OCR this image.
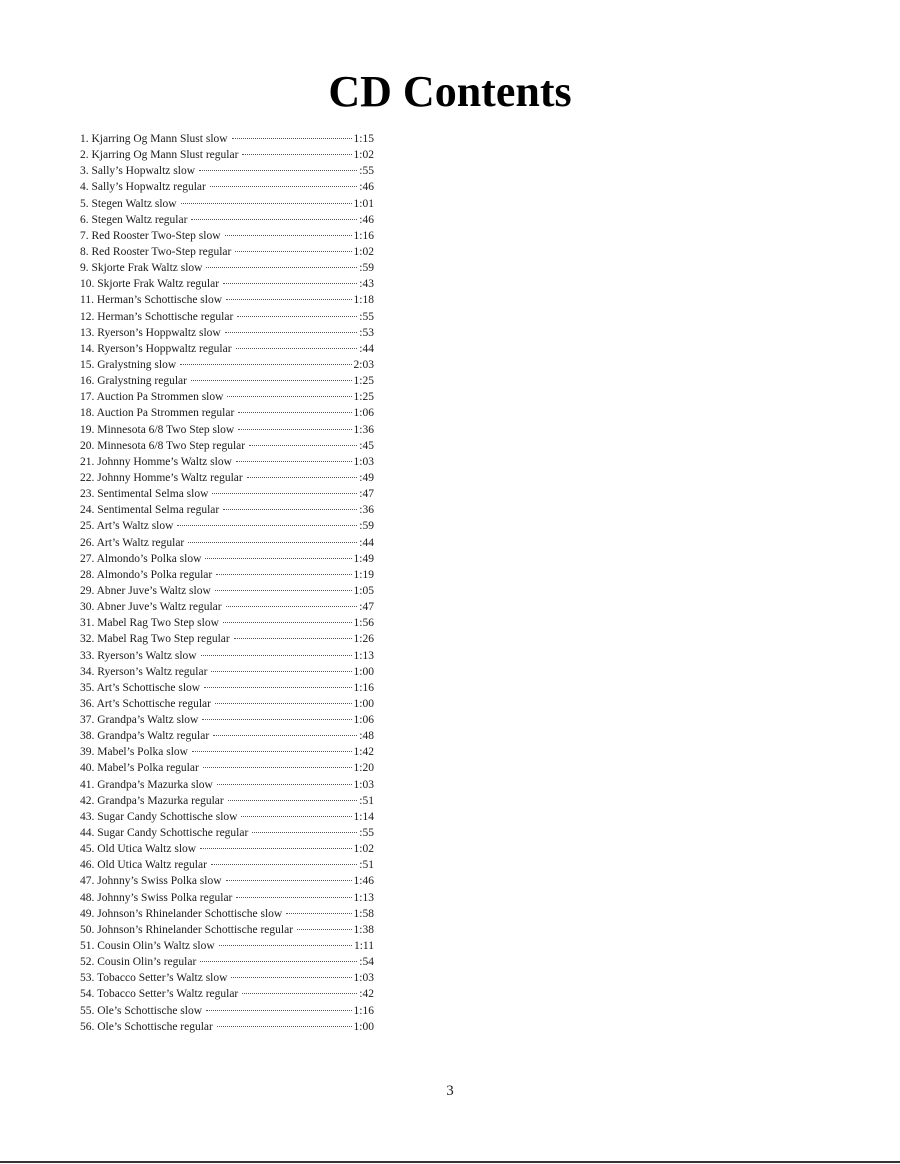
CD Contents
1. Kjarring Og Mann Slust slow	1:15
2. Kjarring Og Mann Slust regular	1:02
3. Sally’s Hopwaltz slow	:55
4. Sally’s Hopwaltz regular	:46
5. Stegen Waltz slow	1:01
6. Stegen Waltz regular	:46
7. Red Rooster Two-Step slow	1:16
8. Red Rooster Two-Step regular	1:02
9. Skjorte Frak Waltz slow	:59
10. Skjorte Frak Waltz regular	:43
11. Herman’s Schottische slow	1:18
12. Herman’s Schottische regular	:55
13. Ryerson’s Hoppwaltz slow	:53
14. Ryerson’s Hoppwaltz regular	:44
15. Gralystning slow	2:03
16. Gralystning regular	1:25
17. Auction Pa Strommen slow	1:25
18. Auction Pa Strommen regular	1:06
19. Minnesota 6/8 Two Step slow	1:36
20. Minnesota 6/8 Two Step regular	:45
21. Johnny Homme’s Waltz slow	1:03
22. Johnny Homme’s Waltz regular	:49
23. Sentimental Selma slow	:47
24. Sentimental Selma regular	:36
25. Art’s Waltz slow	:59
26. Art’s Waltz regular	:44
27. Almondo’s Polka slow	1:49
28. Almondo’s Polka regular	1:19
29. Abner Juve’s Waltz slow	1:05
30. Abner Juve’s Waltz regular	:47
31. Mabel Rag Two Step slow	1:56
32. Mabel Rag Two Step regular	1:26
33. Ryerson’s Waltz slow	1:13
34. Ryerson’s Waltz regular	1:00
35. Art’s Schottische slow	1:16
36. Art’s Schottische regular	1:00
37. Grandpa’s Waltz slow	1:06
38. Grandpa’s Waltz regular	:48
39. Mabel’s Polka slow	1:42
40. Mabel’s Polka regular	1:20
41. Grandpa’s Mazurka slow	1:03
42. Grandpa’s Mazurka regular	:51
43. Sugar Candy Schottische slow	1:14
44. Sugar Candy Schottische regular	:55
45. Old Utica Waltz slow	1:02
46. Old Utica Waltz regular	:51
47. Johnny’s Swiss Polka slow	1:46
48. Johnny’s Swiss Polka regular	1:13
49. Johnson’s Rhinelander Schottische slow	1:58
50. Johnson’s Rhinelander Schottische regular	1:38
51. Cousin Olin’s Waltz slow	1:11
52. Cousin Olin’s regular	:54
53. Tobacco Setter’s Waltz slow	1:03
54. Tobacco Setter’s Waltz regular	:42
55. Ole’s Schottische slow	1:16
56. Ole’s Schottische regular	1:00
3
